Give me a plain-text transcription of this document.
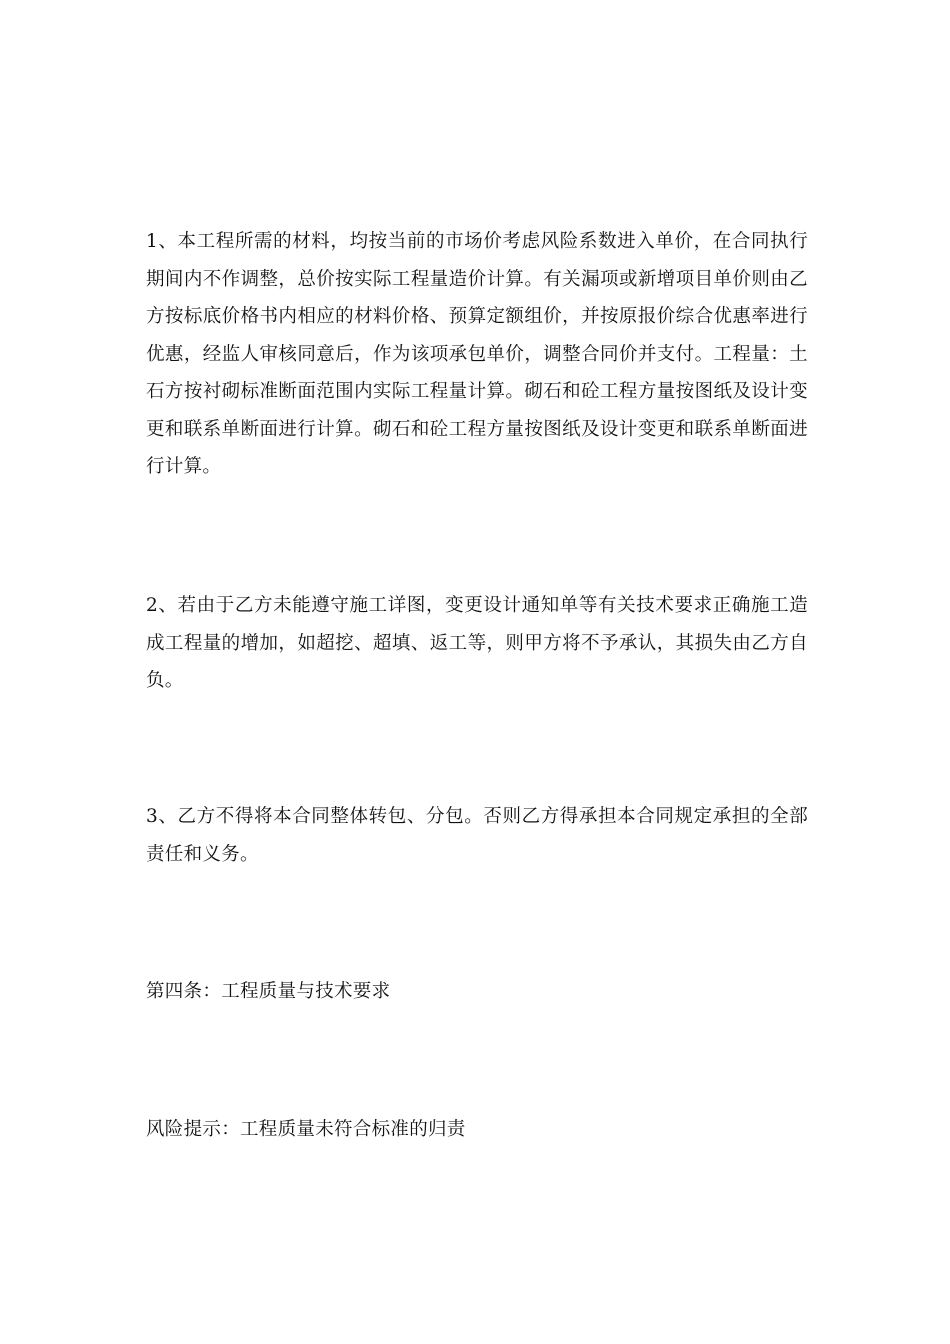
1、本工程所需的材料，均按当前的市场价考虑风险系数进入单价，在合同执行期间内不作调整，总价按实际工程量造价计算。有关漏项或新增项目单价则由乙方按标底价格书内相应的材料价格、预算定额组价，并按原报价综合优惠率进行优惠，经监人审核同意后，作为该项承包单价，调整合同价并支付。工程量：土石方按衬砌标准断面范围内实际工程量计算。砌石和砼工程方量按图纸及设计变更和联系单断面进行计算。砌石和砼工程方量按图纸及设计变更和联系单断面进行计算。

2、若由于乙方未能遵守施工详图，变更设计通知单等有关技术要求正确施工造成工程量的增加，如超挖、超填、返工等，则甲方将不予承认，其损失由乙方自负。

3、乙方不得将本合同整体转包、分包。否则乙方得承担本合同规定承担的全部责任和义务。

第四条：工程质量与技术要求

风险提示：工程质量未符合标准的归责
